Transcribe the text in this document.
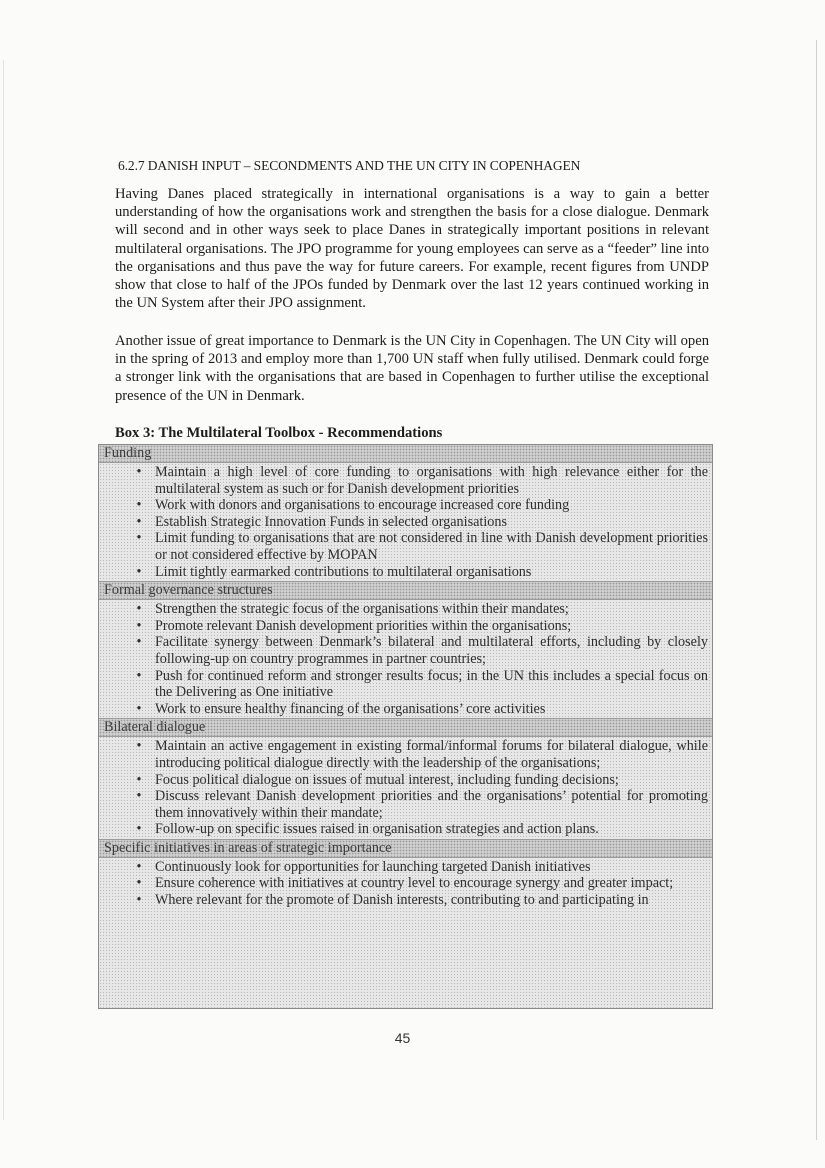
6.2.7 DANISH INPUT – SECONDMENTS AND THE UN CITY IN COPENHAGEN

Having Danes placed strategically in international organisations is a way to gain a better understanding of how the organisations work and strengthen the basis for a close dialogue. Denmark will second and in other ways seek to place Danes in strategically important positions in relevant multilateral organisations. The JPO programme for young employees can serve as a “feeder” line into the organisations and thus pave the way for future careers. For example, recent figures from UNDP show that close to half of the JPOs funded by Denmark over the last 12 years continued working in the UN System after their JPO assignment.

Another issue of great importance to Denmark is the UN City in Copenhagen. The UN City will open in the spring of 2013 and employ more than 1,700 UN staff when fully utilised. Denmark could forge a stronger link with the organisations that are based in Copenhagen to further utilise the exceptional presence of the UN in Denmark.

Box 3: The Multilateral Toolbox - Recommendations
Funding
• Maintain a high level of core funding to organisations with high relevance either for the multilateral system as such or for Danish development priorities
• Work with donors and organisations to encourage increased core funding
• Establish Strategic Innovation Funds in selected organisations
• Limit funding to organisations that are not considered in line with Danish development priorities or not considered effective by MOPAN
• Limit tightly earmarked contributions to multilateral organisations
Formal governance structures
• Strengthen the strategic focus of the organisations within their mandates;
• Promote relevant Danish development priorities within the organisations;
• Facilitate synergy between Denmark’s bilateral and multilateral efforts, including by closely following-up on country programmes in partner countries;
• Push for continued reform and stronger results focus; in the UN this includes a special focus on the Delivering as One initiative
• Work to ensure healthy financing of the organisations’ core activities
Bilateral dialogue
• Maintain an active engagement in existing formal/informal forums for bilateral dialogue, while introducing political dialogue directly with the leadership of the organisations;
• Focus political dialogue on issues of mutual interest, including funding decisions;
• Discuss relevant Danish development priorities and the organisations’ potential for promoting them innovatively within their mandate;
• Follow-up on specific issues raised in organisation strategies and action plans.
Specific initiatives in areas of strategic importance
• Continuously look for opportunities for launching targeted Danish initiatives
• Ensure coherence with initiatives at country level to encourage synergy and greater impact;
• Where relevant for the promote of Danish interests, contributing to and participating in
45
